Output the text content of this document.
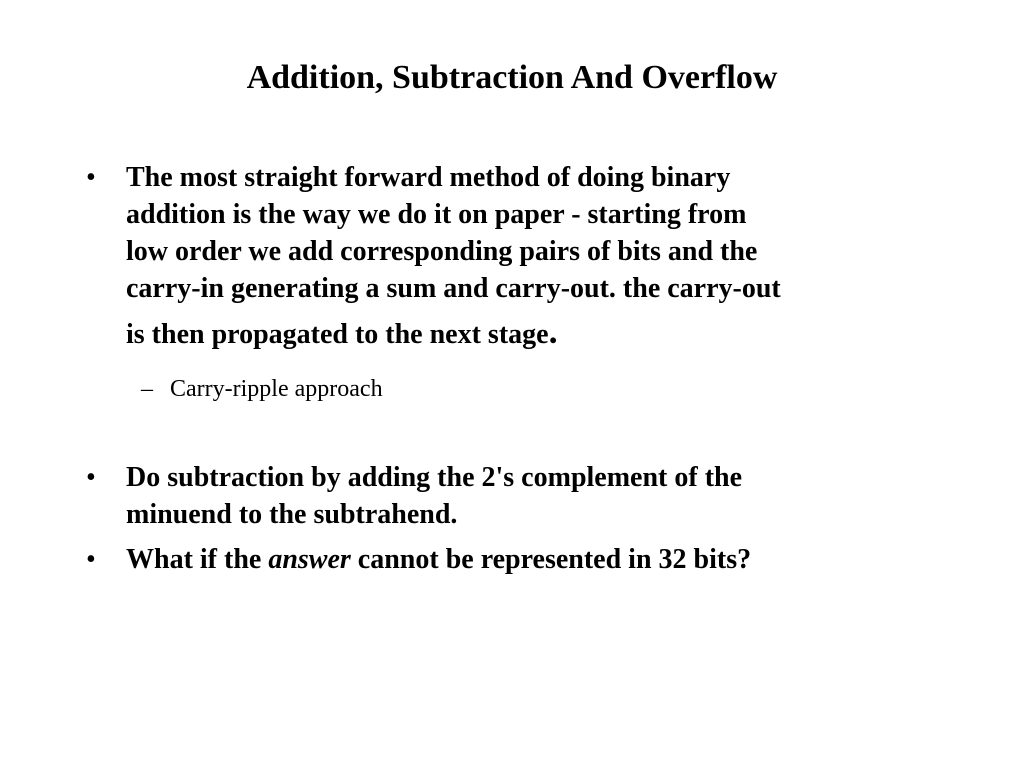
Addition, Subtraction And Overflow
• The most straight forward method of doing binary
addition is the way we do it on paper - starting from
low order we add corresponding pairs of bits and the
carry-in generating a sum and carry-out. the carry-out

is then propagated to the next stage.
– Carry-ripple approach
• Do subtraction by adding the 2's complement of the
minuend to the subtrahend.
• What if the answer cannot be represented in 32 bits?
